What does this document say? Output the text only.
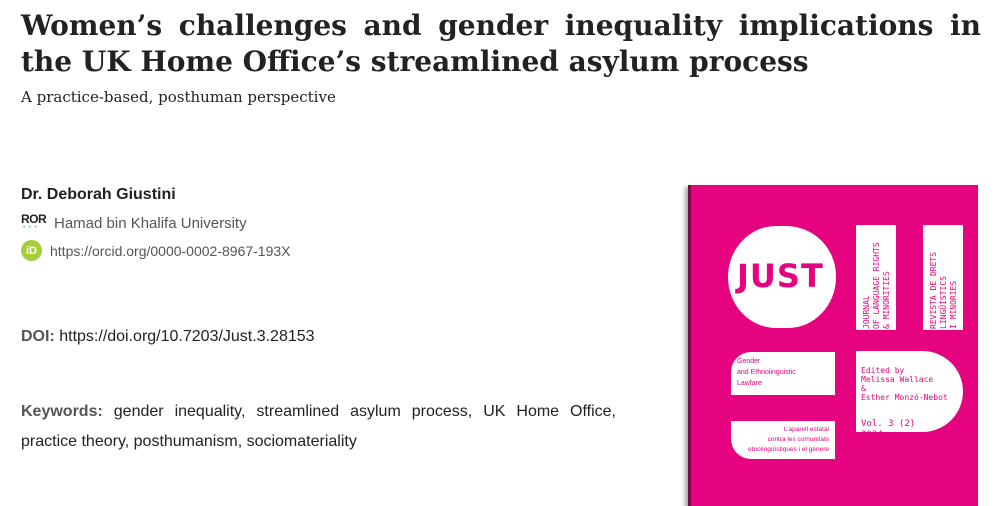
Women’s challenges and gender inequality implications in the UK Home Office’s streamlined asylum process
A practice-based, posthuman perspective
Dr. Deborah Giustini
ROR
• • • Hamad bin Khalifa University
iD https://orcid.org/0000-0002-8967-193X
DOI: https://doi.org/10.7203/Just.3.28153

Keywords: gender inequality, streamlined asylum process, UK Home Office, practice theory, posthumanism, sociomateriality

JUST
JOURNAL
OF LANGUAGE RIGHTS
& MINORITIES	REVISTA DE DRETS
LINGÜÍSTICS
I MINORIES
Gender
and Ethnolinguistic
Lawfare
Edited by
Melissa Wallace
&
Esther Monzó-Nebot
Vol. 3 (2)
2024
L’aparell estatal
contra les comunitats
etnolingüístiques i el gènere
